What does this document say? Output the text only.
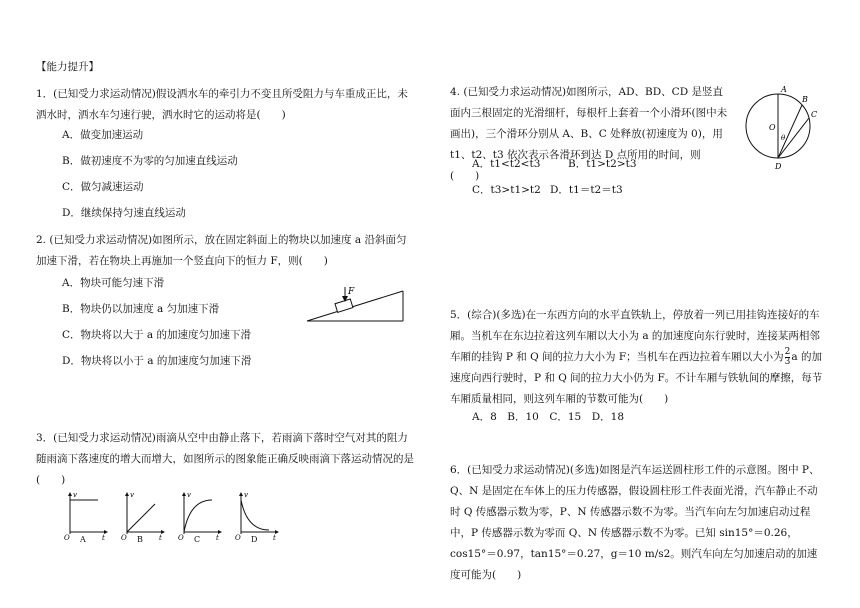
【能力提升】
1．(已知受力求运动情况)假设洒水车的牵引力不变且所受阻力与车重成正比，未洒水时，洒水车匀速行驶，洒水时它的运动将是(　　)
A．做变加速运动
B．做初速度不为零的匀加速直线运动
C．做匀减速运动
D．继续保持匀速直线运动
2. (已知受力求运动情况)如图所示，放在固定斜面上的物块以加速度 a 沿斜面匀加速下滑，若在物块上再施加一个竖直向下的恒力 F，则(　　)
A．物块可能匀速下滑
B．物块仍以加速度 a 匀加速下滑
C．物块将以大于 a 的加速度匀加速下滑
D．物块将以小于 a 的加速度匀加速下滑
F
3．(已知受力求运动情况)雨滴从空中由静止落下，若雨滴下落时空气对其的阻力随雨滴下落速度的增大而增大，如图所示的图象能正确反映雨滴下落运动情况的是(　　)
v
t
O A
v
t
O B
v
t
O C
v
t
O D
4. (已知受力求运动情况)如图所示，AD、BD、CD 是竖直面内三根固定的光滑细杆，每根杆上套着一个小滑环(图中未画出)，三个滑环分别从 A、B、C 处释放(初速度为 0)，用 t1、t2、t3 依次表示各滑环到达 D 点所用的时间，则(　　)
A．t1<t2<t3	B．t1>t2>t3
C．t3>t1>t2 D．t1＝t2＝t3
A
B
C
D
O
θ
5．(综合)(多选)在一东西方向的水平直铁轨上，停放着一列已用挂钩连接好的车厢。当机车在东边拉着这列车厢以大小为 a 的加速度向东行驶时，连接某两相邻车厢的挂钩 P 和 Q 间的拉力大小为 F；当机车在西边拉着车厢以大小为 $\frac{2}{3}$ a 的加速度向西行驶时，P 和 Q 间的拉力大小仍为 F。不计车厢与铁轨间的摩擦，每节车厢质量相同，则这列车厢的节数可能为(　　)
A．8　B．10　C．15　D．18
6．(已知受力求运动情况)(多选)如图是汽车运送圆柱形工件的示意图。图中 P、Q、N 是固定在车体上的压力传感器，假设圆柱形工件表面光滑，汽车静止不动时 Q 传感器示数为零，P、N 传感器示数不为零。当汽车向左匀加速启动过程中，P 传感器示数为零而 Q、N 传感器示数不为零。已知 sin15°＝0.26，cos15°＝0.97，tan15°＝0.27，g＝10 m/s2。则汽车向左匀加速启动的加速度可能为(　　)
